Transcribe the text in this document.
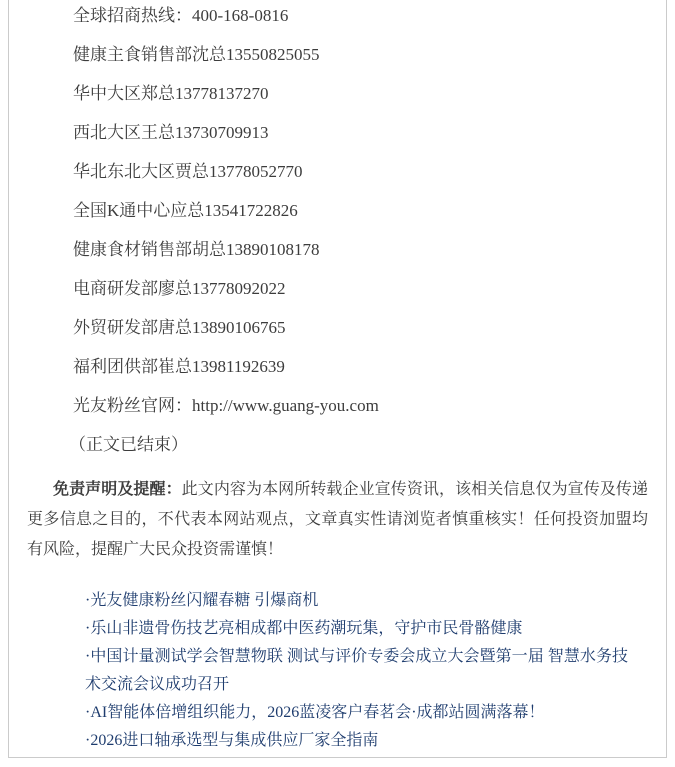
全球招商热线：400-168-0816

健康主食销售部沈总13550825055

华中大区郑总13778137270

西北大区王总13730709913

华北东北大区贾总13778052770

全国K通中心应总13541722826

健康食材销售部胡总13890108178

电商研发部廖总13778092022

外贸研发部唐总13890106765

福利团供部崔总13981192639

光友粉丝官网：http://www.guang-you.com

（正文已结束）

免责声明及提醒：此文内容为本网所转载企业宣传资讯，该相关信息仅为宣传及传递更多信息之目的，不代表本网站观点，文章真实性请浏览者慎重核实！任何投资加盟均有风险，提醒广大民众投资需谨慎！

·光友健康粉丝闪耀春糖 引爆商机
·乐山非遗骨伤技艺亮相成都中医药潮玩集，守护市民骨骼健康
·中国计量测试学会智慧物联 测试与评价专委会成立大会暨第一届 智慧水务技术交流会议成功召开
·AI智能体倍增组织能力，2026蓝凌客户春茗会·成都站圆满落幕！
·2026进口轴承选型与集成供应厂家全指南
